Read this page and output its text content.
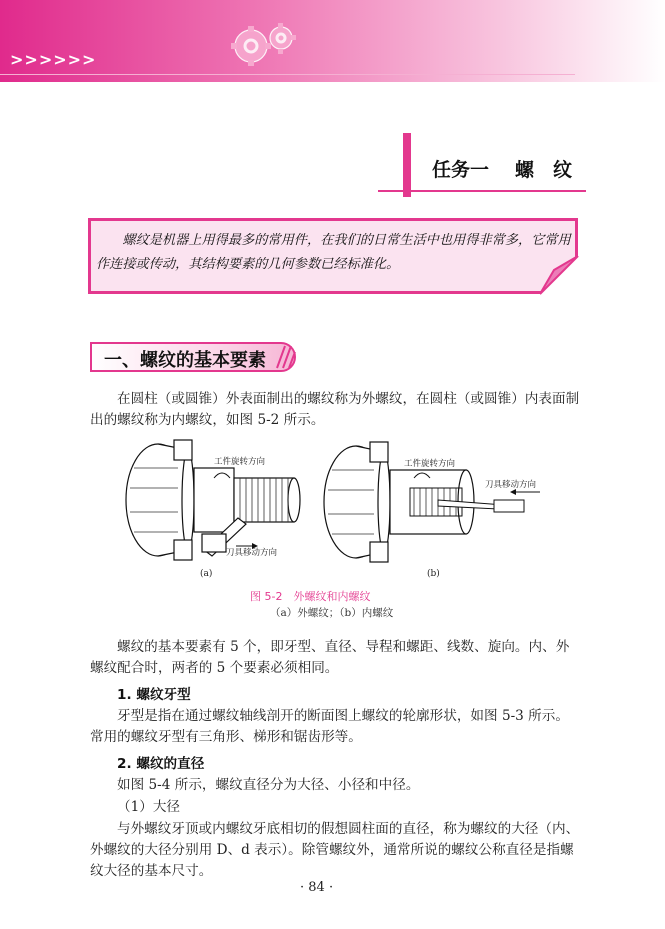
>>>>>>
任务一 螺　纹
　　螺纹是机器上用得最多的常用件，在我们的日常生活中也用得非常多，它常用作连接或传动，其结构要素的几何参数已经标准化。
一、螺纹的基本要素
在圆柱（或圆锥）外表面制出的螺纹称为外螺纹，在圆柱（或圆锥）内表面制出的螺纹称为内螺纹，如图 5-2 所示。
工件旋转方向
刀具移动方向
(a)
工件旋转方向
刀具移动方向
(b)
图 5-2　外螺纹和内螺纹
（a）外螺纹；（b）内螺纹
螺纹的基本要素有 5 个，即牙型、直径、导程和螺距、线数、旋向。内、外螺纹配合时，两者的 5 个要素必须相同。
1. 螺纹牙型
牙型是指在通过螺纹轴线剖开的断面图上螺纹的轮廓形状，如图 5-3 所示。常用的螺纹牙型有三角形、梯形和锯齿形等。
2. 螺纹的直径
如图 5-4 所示，螺纹直径分为大径、小径和中径。
（1）大径
与外螺纹牙顶或内螺纹牙底相切的假想圆柱面的直径，称为螺纹的大径（内、外螺纹的大径分别用 D、d 表示）。除管螺纹外，通常所说的螺纹公称直径是指螺纹大径的基本尺寸。
· 84 ·
